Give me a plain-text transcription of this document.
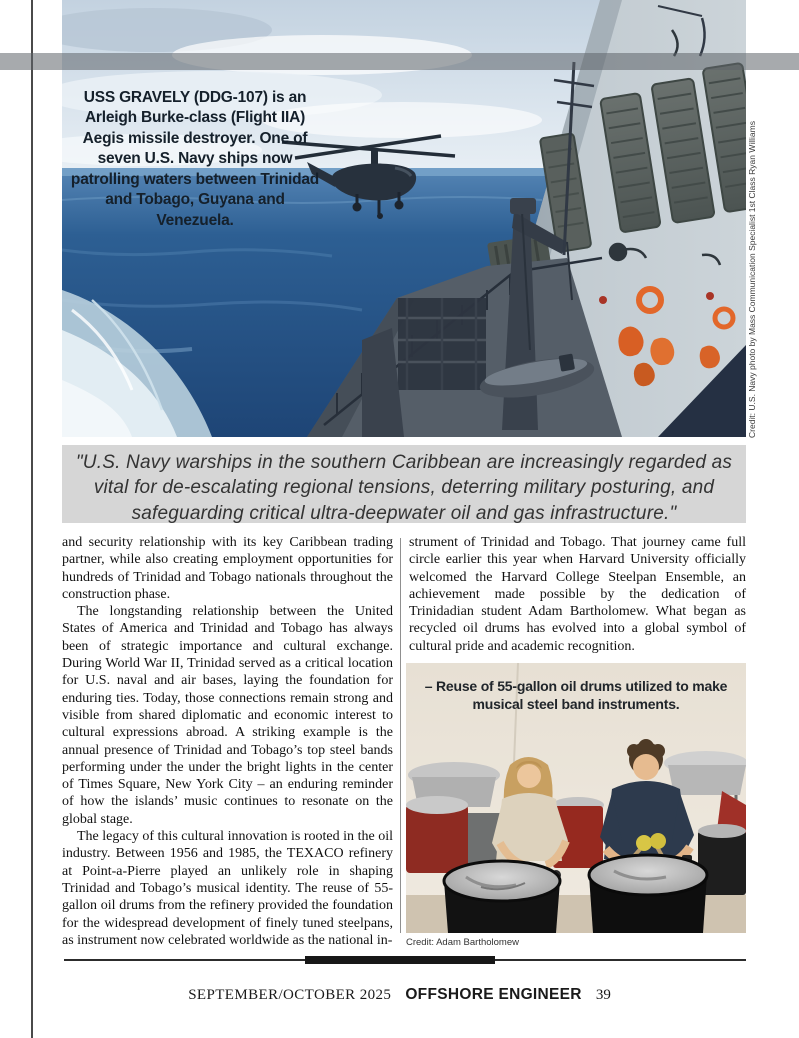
USS GRAVELY (DDG-107) is an Arleigh Burke-class (Flight IIA) Aegis missile destroyer. One of seven U.S. Navy ships now patrolling waters between Trinidad and Tobago, Guyana and Venezuela.	Credit: U.S. Navy photo by Mass Communication Specialist 1st Class Ryan Williams
"U.S. Navy warships in the southern Caribbean are increasingly regarded as vital for de-escalating regional tensions, deterring military posturing, and safeguarding critical ultra-deepwater oil and gas infrastructure."

and security relationship with its key Caribbean trading partner, while also creating employment opportunities for hundreds of Trinidad and Tobago nationals throughout the construction phase.

The longstanding relationship between the United States of America and Trinidad and Tobago has always been of strategic importance and cultural exchange. During World War II, Trinidad served as a critical location for U.S. naval and air bases, laying the foundation for enduring ties. Today, those connections remain strong and visible from shared diplomatic and economic interest to cultural expressions abroad. A striking example is the annual presence of Trinidad and Tobago’s top steel bands performing under the under the bright lights in the center of Times Square, New York City – an enduring reminder of how the islands’ music continues to resonate on the global stage.

The legacy of this cultural innovation is rooted in the oil industry. Between 1956 and 1985, the TEXACO refinery at Point-a-Pierre played an unlikely role in shaping Trinidad and Tobago’s musical identity. The reuse of 55-gallon oil drums from the refinery provided the foundation for the widespread development of finely tuned steelpans, as instrument now celebrated worldwide as the national in-

strument of Trinidad and Tobago. That journey came full circle earlier this year when Harvard University officially welcomed the Harvard College Steelpan Ensemble, an achievement made possible by the dedication of Trinidadian student Adam Bartholomew. What began as recycled oil drums has evolved into a global symbol of cultural pride and academic recognition.

– Reuse of 55-gallon oil drums utilized to make musical steel band instruments.
Credit: Adam Bartholomew
SEPTEMBER/OCTOBER 2025 OFFSHORE ENGINEER 39
